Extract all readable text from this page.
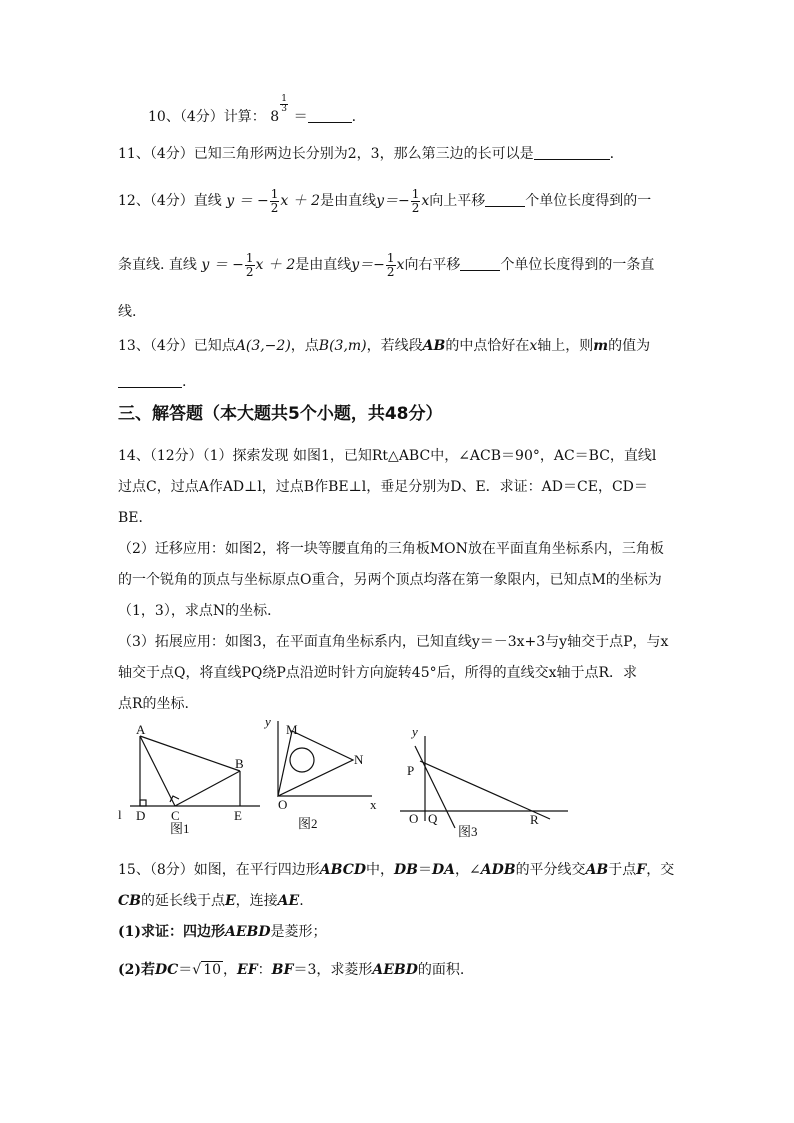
10、（4分）计算： 8
$\frac{1}{3}$
＝	.
11、（4分）已知三角形两边长分别为2，3，那么第三边的长可以是	.
12、（4分）直线 y ＝ − $\frac{1}{2}$ x ＋ 2是由直线$y=- \frac{1}{2}$ x向上平移	个单位长度得到的一
条直线. 直线 y ＝ − $\frac{1}{2}$ x ＋ 2是由直线$y=- \frac{1}{2}$ x向右平移	个单位长度得到的一条直
线.
13、（4分）已知点A(3,−2)，点B(3,m)，若线段AB的中点恰好在x轴上，则m的值为
.
三、解答题（本大题共5个小题，共48分）
14、（12分）（1）探索发现 如图1，已知Rt△ABC中，∠ACB＝90°，AC＝BC，直线l
过点C，过点A作AD⊥l，过点B作BE⊥l，垂足分别为D、E．求证：AD＝CE，CD＝
BE．
（2）迁移应用：如图2，将一块等腰直角的三角板MON放在平面直角坐标系内，三角板
的一个锐角的顶点与坐标原点O重合，另两个顶点均落在第一象限内，已知点M的坐标为
（1，3），求点N的坐标．
（3）拓展应用：如图3，在平面直角坐标系内，已知直线y＝－3x+3与y轴交于点P，与x
轴交于点Q，将直线PQ绕P点沿逆时针方向旋转45°后，所得的直线交x轴于点R．求
点R的坐标.
A
B
C
D	E
l
图1
y
M
N
O	x
图2
y
P
O Q	R
图3
15、（8分）如图，在平行四边形ABCD中，DB＝DA，∠ADB的平分线交AB于点F，交
CB的延长线于点E，连接AE.
(1)求证：四边形AEBD是菱形；
(2)若DC＝√ 10 ，EF：BF＝3，求菱形AEBD的面积.
